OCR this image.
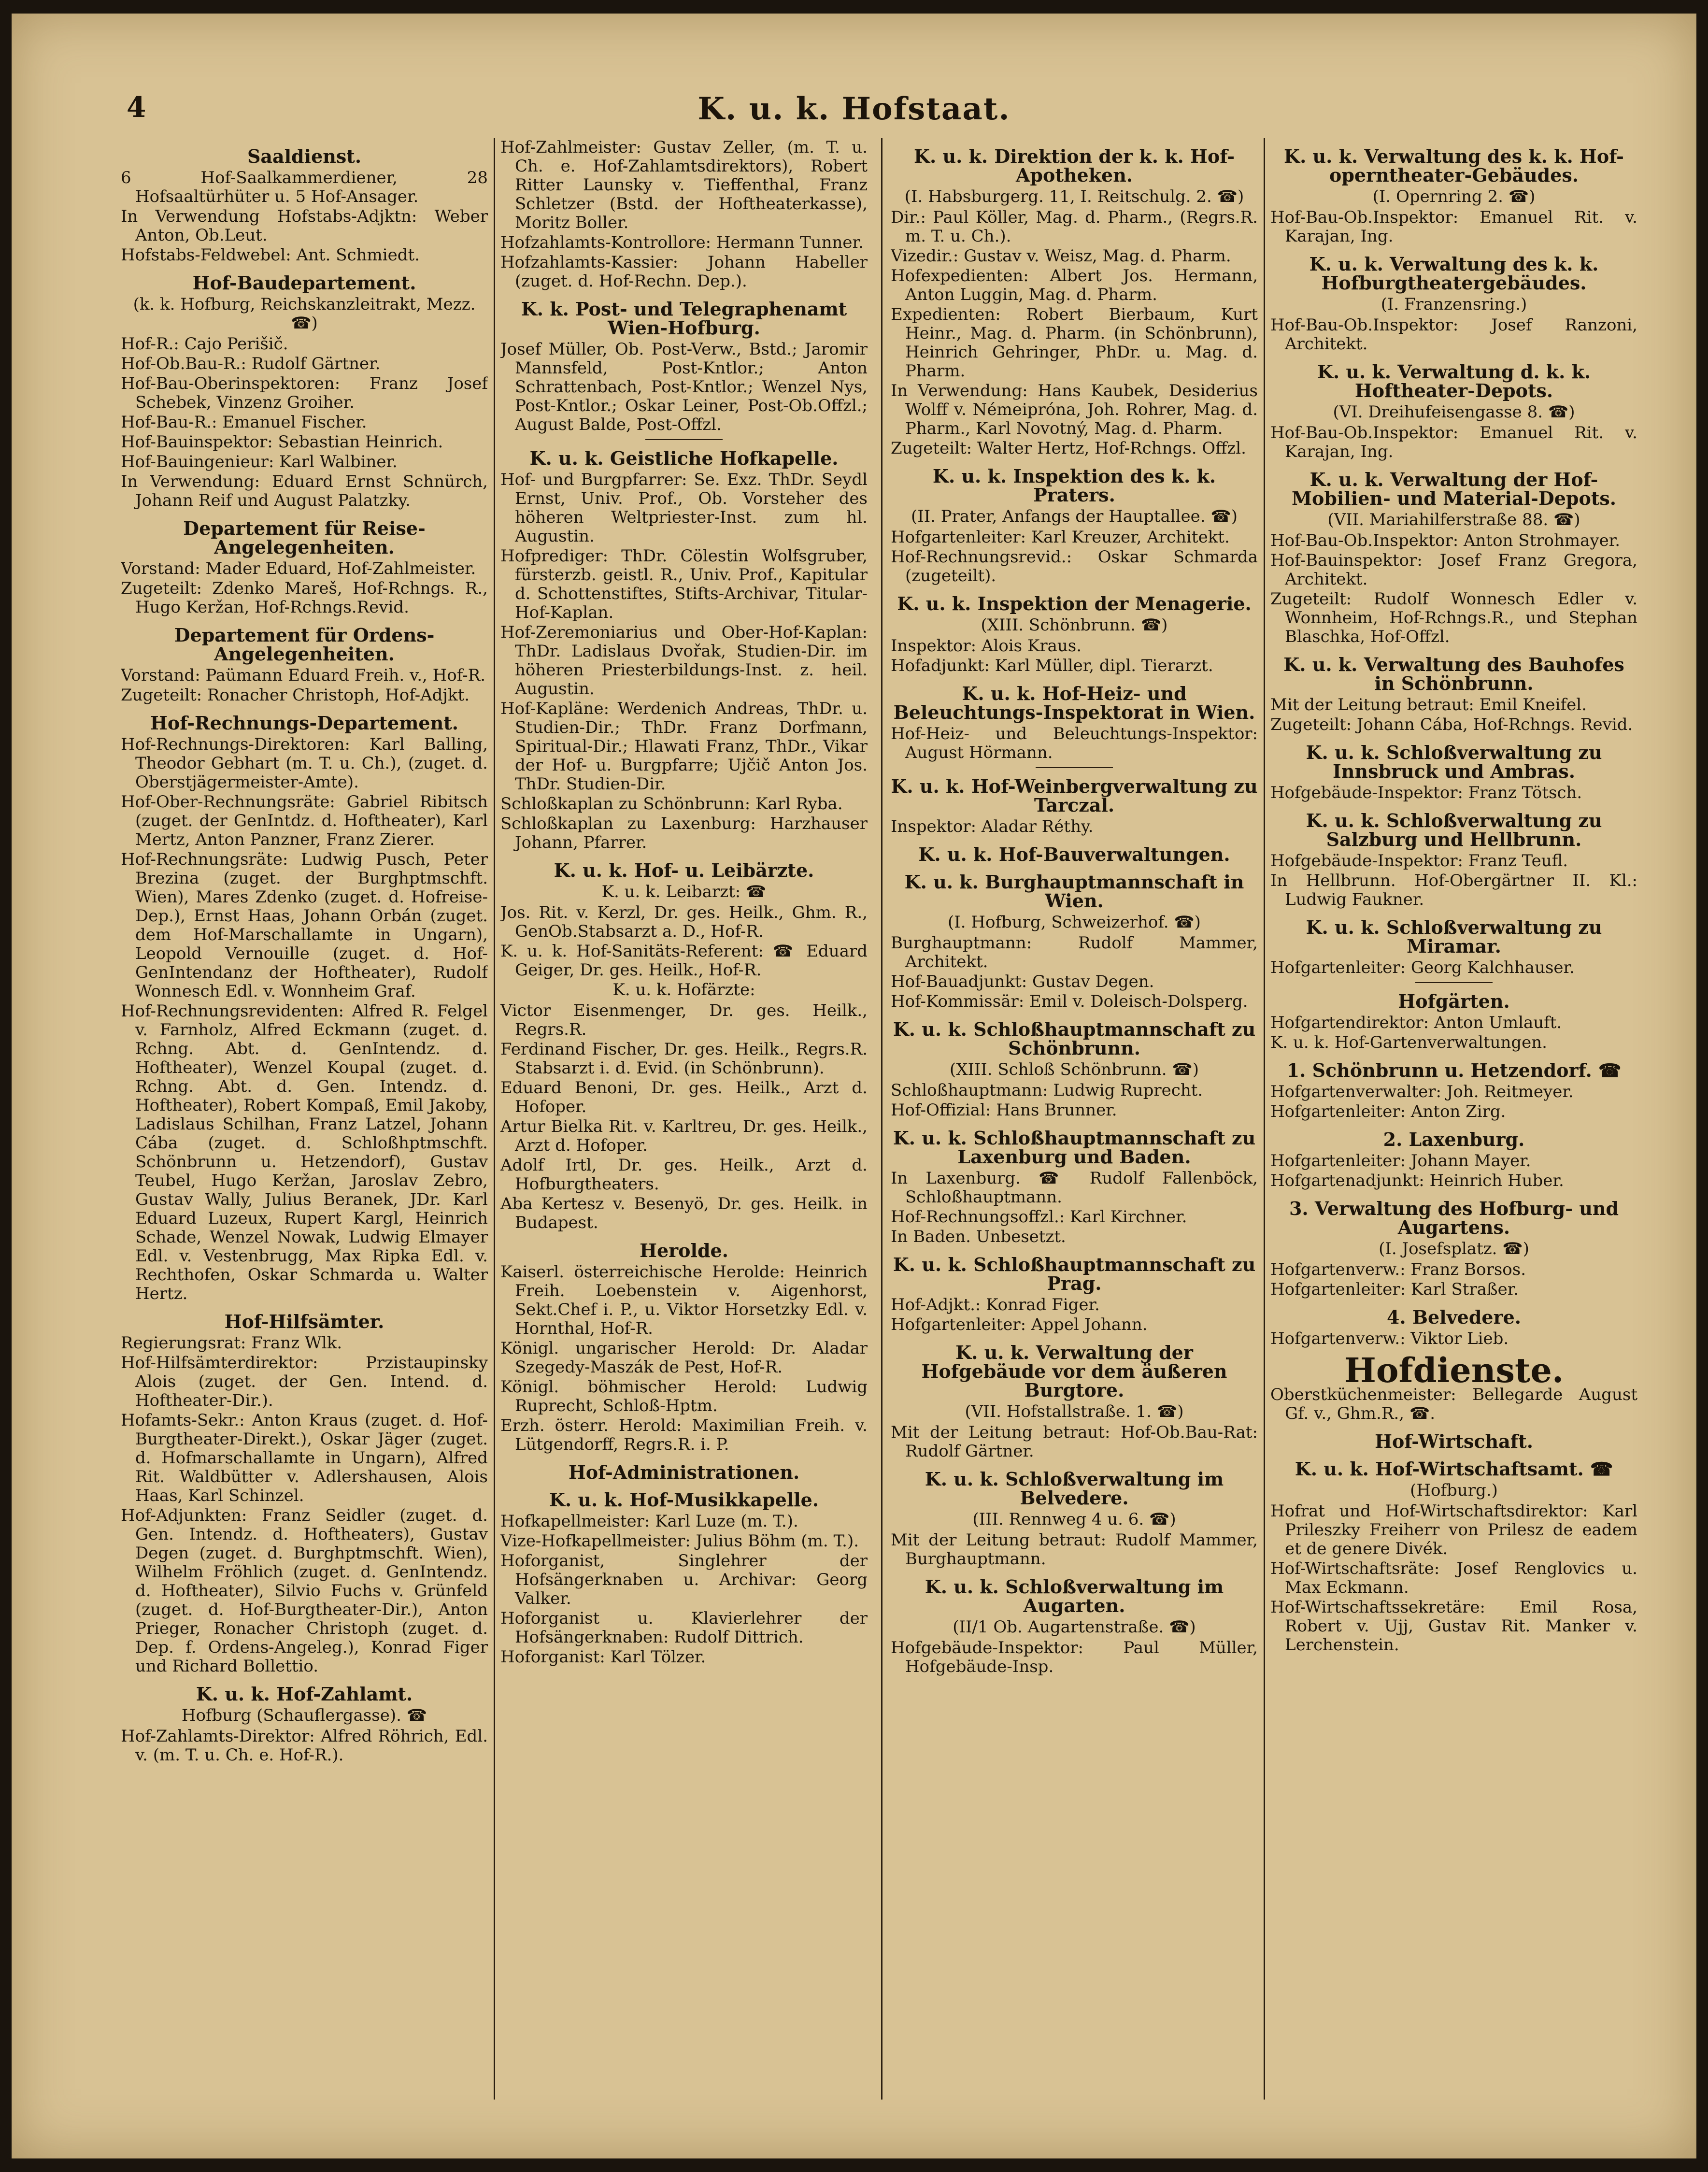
4	K. u. k. Hofstaat.
Saaldienst.
6 Hof-Saalkammerdiener, 28 Hofsaaltürhüter u. 5 Hof-Ansager.
In Verwendung Hofstabs-Adjktn: Weber Anton, Ob.Leut.
Hofstabs-Feldwebel: Ant. Schmiedt.
Hof-Baudepartement.
(k. k. Hofburg, Reichskanzleitrakt, Mezz. ☎)
Hof-R.: Cajo Perišič.
Hof-Ob.Bau-R.: Rudolf Gärtner.
Hof-Bau-Oberinspektoren: Franz Josef Schebek, Vinzenz Groiher.
Hof-Bau-R.: Emanuel Fischer.
Hof-Bauinspektor: Sebastian Heinrich.
Hof-Bauingenieur: Karl Walbiner.
In Verwendung: Eduard Ernst Schnürch, Johann Reif und August Palatzky.
Departement für Reise-Angelegenheiten.
Vorstand: Mader Eduard, Hof-Zahlmeister.
Zugeteilt: Zdenko Mareš, Hof-Rchngs. R., Hugo Keržan, Hof-Rchngs.Revid.
Departement für Ordens-Angelegenheiten.
Vorstand: Paümann Eduard Freih. v., Hof-R.
Zugeteilt: Ronacher Christoph, Hof-Adjkt.
Hof-Rechnungs-Departement.
Hof-Rechnungs-Direktoren: Karl Balling, Theodor Gebhart (m. T. u. Ch.), (zuget. d. Oberstjägermeister-Amte).
Hof-Ober-Rechnungsräte: Gabriel Ribitsch (zuget. der GenIntdz. d. Hoftheater), Karl Mertz, Anton Panzner, Franz Zierer.
Hof-Rechnungsräte: Ludwig Pusch, Peter Brezina (zuget. der Burghptmschft. Wien), Mares Zdenko (zuget. d. Hofreise-Dep.), Ernst Haas, Johann Orbán (zuget. dem Hof-Marschallamte in Ungarn), Leopold Vernouille (zuget. d. Hof-GenIntendanz der Hoftheater), Rudolf Wonnesch Edl. v. Wonnheim Graf.
Hof-Rechnungsrevidenten: Alfred R. Felgel v. Farnholz, Alfred Eckmann (zuget. d. Rchng. Abt. d. GenIntendz. d. Hoftheater), Wenzel Koupal (zuget. d. Rchng. Abt. d. Gen. Intendz. d. Hoftheater), Robert Kompaß, Emil Jakoby, Ladislaus Schilhan, Franz Latzel, Johann Cába (zuget. d. Schloßhptmschft. Schönbrunn u. Hetzendorf), Gustav Teubel, Hugo Keržan, Jaroslav Zebro, Gustav Wally, Julius Beranek, JDr. Karl Eduard Luzeux, Rupert Kargl, Heinrich Schade, Wenzel Nowak, Ludwig Elmayer Edl. v. Vestenbrugg, Max Ripka Edl. v. Rechthofen, Oskar Schmarda u. Walter Hertz.
Hof-Hilfsämter.
Regierungsrat: Franz Wlk.
Hof-Hilfsämterdirektor: Przistaupinsky Alois (zuget. der Gen. Intend. d. Hoftheater-Dir.).
Hofamts-Sekr.: Anton Kraus (zuget. d. Hof-Burgtheater-Direkt.), Oskar Jäger (zuget. d. Hofmarschallamte in Ungarn), Alfred Rit. Waldbütter v. Adlershausen, Alois Haas, Karl Schinzel.
Hof-Adjunkten: Franz Seidler (zuget. d. Gen. Intendz. d. Hoftheaters), Gustav Degen (zuget. d. Burghptmschft. Wien), Wilhelm Fröhlich (zuget. d. GenIntendz. d. Hoftheater), Silvio Fuchs v. Grünfeld (zuget. d. Hof-Burgtheater-Dir.), Anton Prieger, Ronacher Christoph (zuget. d. Dep. f. Ordens-Angeleg.), Konrad Figer und Richard Bollettio.
K. u. k. Hof-Zahlamt.
Hofburg (Schauflergasse). ☎
Hof-Zahlamts-Direktor: Alfred Röhrich, Edl. v. (m. T. u. Ch. e. Hof-R.).
Hof-Zahlmeister: Gustav Zeller, (m. T. u. Ch. e. Hof-Zahlamtsdirektors), Robert Ritter Launsky v. Tieffenthal, Franz Schletzer (Bstd. der Hoftheaterkasse), Moritz Boller.
Hofzahlamts-Kontrollore: Hermann Tunner.
Hofzahlamts-Kassier: Johann Habeller (zuget. d. Hof-Rechn. Dep.).
K. k. Post- und Telegraphenamt Wien-Hofburg.
Josef Müller, Ob. Post-Verw., Bstd.; Jaromir Mannsfeld, Post-Kntlor.; Anton Schrattenbach, Post-Kntlor.; Wenzel Nys, Post-Kntlor.; Oskar Leiner, Post-Ob.Offzl.; August Balde, Post-Offzl.
K. u. k. Geistliche Hofkapelle.
Hof- und Burgpfarrer: Se. Exz. ThDr. Seydl Ernst, Univ. Prof., Ob. Vorsteher des höheren Weltpriester-Inst. zum hl. Augustin.
Hofprediger: ThDr. Cölestin Wolfsgruber, fürsterzb. geistl. R., Univ. Prof., Kapitular d. Schottenstiftes, Stifts-Archivar, Titular-Hof-Kaplan.
Hof-Zeremoniarius und Ober-Hof-Kaplan: ThDr. Ladislaus Dvořak, Studien-Dir. im höheren Priesterbildungs-Inst. z. heil. Augustin.
Hof-Kapläne: Werdenich Andreas, ThDr. u. Studien-Dir.; ThDr. Franz Dorfmann, Spiritual-Dir.; Hlawati Franz, ThDr., Vikar der Hof- u. Burgpfarre; Ujčič Anton Jos. ThDr. Studien-Dir.
Schloßkaplan zu Schönbrunn: Karl Ryba.
Schloßkaplan zu Laxenburg: Harzhauser Johann, Pfarrer.
K. u. k. Hof- u. Leibärzte.
K. u. k. Leibarzt: ☎
Jos. Rit. v. Kerzl, Dr. ges. Heilk., Ghm. R., GenOb.Stabsarzt a. D., Hof-R.
K. u. k. Hof-Sanitäts-Referent: ☎ Eduard Geiger, Dr. ges. Heilk., Hof-R.
K. u. k. Hofärzte:
Victor Eisenmenger, Dr. ges. Heilk., Regrs.R.
Ferdinand Fischer, Dr. ges. Heilk., Regrs.R. Stabsarzt i. d. Evid. (in Schönbrunn).
Eduard Benoni, Dr. ges. Heilk., Arzt d. Hofoper.
Artur Bielka Rit. v. Karltreu, Dr. ges. Heilk., Arzt d. Hofoper.
Adolf Irtl, Dr. ges. Heilk., Arzt d. Hofburgtheaters.
Aba Kertesz v. Besenyö, Dr. ges. Heilk. in Budapest.
Herolde.
Kaiserl. österreichische Herolde: Heinrich Freih. Loebenstein v. Aigenhorst, Sekt.Chef i. P., u. Viktor Horsetzky Edl. v. Hornthal, Hof-R.
Königl. ungarischer Herold: Dr. Aladar Szegedy-Maszák de Pest, Hof-R.
Königl. böhmischer Herold: Ludwig Ruprecht, Schloß-Hptm.
Erzh. österr. Herold: Maximilian Freih. v. Lütgendorff, Regrs.R. i. P.
Hof-Administrationen.
K. u. k. Hof-Musikkapelle.
Hofkapellmeister: Karl Luze (m. T.).
Vize-Hofkapellmeister: Julius Böhm (m. T.).
Hoforganist, Singlehrer der Hofsängerknaben u. Archivar: Georg Valker.
Hoforganist u. Klavierlehrer der Hofsängerknaben: Rudolf Dittrich.
Hoforganist: Karl Tölzer.
K. u. k. Direktion der k. k. Hof-Apotheken.
(I. Habsburgerg. 11, I. Reitschulg. 2. ☎)
Dir.: Paul Köller, Mag. d. Pharm., (Regrs.R. m. T. u. Ch.).
Vizedir.: Gustav v. Weisz, Mag. d. Pharm.
Hofexpedienten: Albert Jos. Hermann, Anton Luggin, Mag. d. Pharm.
Expedienten: Robert Bierbaum, Kurt Heinr., Mag. d. Pharm. (in Schönbrunn), Heinrich Gehringer, PhDr. u. Mag. d. Pharm.
In Verwendung: Hans Kaubek, Desiderius Wolff v. Némeipróna, Joh. Rohrer, Mag. d. Pharm., Karl Novotný, Mag. d. Pharm.
Zugeteilt: Walter Hertz, Hof-Rchngs. Offzl.
K. u. k. Inspektion des k. k. Praters.
(II. Prater, Anfangs der Hauptallee. ☎)
Hofgartenleiter: Karl Kreuzer, Architekt.
Hof-Rechnungsrevid.: Oskar Schmarda (zugeteilt).
K. u. k. Inspektion der Menagerie.
(XIII. Schönbrunn. ☎)
Inspektor: Alois Kraus.
Hofadjunkt: Karl Müller, dipl. Tierarzt.
K. u. k. Hof-Heiz- und Beleuchtungs-Inspektorat in Wien.
Hof-Heiz- und Beleuchtungs-Inspektor: August Hörmann.
K. u. k. Hof-Weinbergverwaltung zu Tarczal.
Inspektor: Aladar Réthy.
K. u. k. Hof-Bauverwaltungen.
K. u. k. Burghauptmannschaft in Wien.
(I. Hofburg, Schweizerhof. ☎)
Burghauptmann: Rudolf Mammer, Architekt.
Hof-Bauadjunkt: Gustav Degen.
Hof-Kommissär: Emil v. Doleisch-Dolsperg.
K. u. k. Schloßhauptmannschaft zu Schönbrunn.
(XIII. Schloß Schönbrunn. ☎)
Schloßhauptmann: Ludwig Ruprecht.
Hof-Offizial: Hans Brunner.
K. u. k. Schloßhauptmannschaft zu Laxenburg und Baden.
In Laxenburg. ☎ Rudolf Fallenböck, Schloßhauptmann.
Hof-Rechnungsoffzl.: Karl Kirchner.
In Baden. Unbesetzt.
K. u. k. Schloßhauptmannschaft zu Prag.
Hof-Adjkt.: Konrad Figer.
Hofgartenleiter: Appel Johann.
K. u. k. Verwaltung der Hofgebäude vor dem äußeren Burgtore.
(VII. Hofstallstraße. 1. ☎)
Mit der Leitung betraut: Hof-Ob.Bau-Rat: Rudolf Gärtner.
K. u. k. Schloßverwaltung im Belvedere.
(III. Rennweg 4 u. 6. ☎)
Mit der Leitung betraut: Rudolf Mammer, Burghauptmann.
K. u. k. Schloßverwaltung im Augarten.
(II/1 Ob. Augartenstraße. ☎)
Hofgebäude-Inspektor: Paul Müller, Hofgebäude-Insp.
K. u. k. Verwaltung des k. k. Hof-operntheater-Gebäudes.
(I. Opernring 2. ☎)
Hof-Bau-Ob.Inspektor: Emanuel Rit. v. Karajan, Ing.
K. u. k. Verwaltung des k. k. Hofburgtheatergebäudes.
(I. Franzensring.)
Hof-Bau-Ob.Inspektor: Josef Ranzoni, Architekt.
K. u. k. Verwaltung d. k. k. Hoftheater-Depots.
(VI. Dreihufeisengasse 8. ☎)
Hof-Bau-Ob.Inspektor: Emanuel Rit. v. Karajan, Ing.
K. u. k. Verwaltung der Hof-Mobilien- und Material-Depots.
(VII. Mariahilferstraße 88. ☎)
Hof-Bau-Ob.Inspektor: Anton Strohmayer.
Hof-Bauinspektor: Josef Franz Gregora, Architekt.
Zugeteilt: Rudolf Wonnesch Edler v. Wonnheim, Hof-Rchngs.R., und Stephan Blaschka, Hof-Offzl.
K. u. k. Verwaltung des Bauhofes in Schönbrunn.
Mit der Leitung betraut: Emil Kneifel.
Zugeteilt: Johann Cába, Hof-Rchngs. Revid.
K. u. k. Schloßverwaltung zu Innsbruck und Ambras.
Hofgebäude-Inspektor: Franz Tötsch.
K. u. k. Schloßverwaltung zu Salzburg und Hellbrunn.
Hofgebäude-Inspektor: Franz Teufl.
In Hellbrunn. Hof-Obergärtner II. Kl.: Ludwig Faukner.
K. u. k. Schloßverwaltung zu Miramar.
Hofgartenleiter: Georg Kalchhauser.
Hofgärten.
Hofgartendirektor: Anton Umlauft.
K. u. k. Hof-Gartenverwaltungen.
1. Schönbrunn u. Hetzendorf. ☎
Hofgartenverwalter: Joh. Reitmeyer.
Hofgartenleiter: Anton Zirg.
2. Laxenburg.
Hofgartenleiter: Johann Mayer.
Hofgartenadjunkt: Heinrich Huber.
3. Verwaltung des Hofburg- und Augartens.
(I. Josefsplatz. ☎)
Hofgartenverw.: Franz Borsos.
Hofgartenleiter: Karl Straßer.
4. Belvedere.
Hofgartenverw.: Viktor Lieb.
Hofdienste.
Oberstküchenmeister: Bellegarde August Gf. v., Ghm.R., ☎.
Hof-Wirtschaft.
K. u. k. Hof-Wirtschaftsamt. ☎
(Hofburg.)
Hofrat und Hof-Wirtschaftsdirektor: Karl Prileszky Freiherr von Prilesz de eadem et de genere Divék.
Hof-Wirtschaftsräte: Josef Renglovics u. Max Eckmann.
Hof-Wirtschaftssekretäre: Emil Rosa, Robert v. Ujj, Gustav Rit. Manker v. Lerchenstein.
